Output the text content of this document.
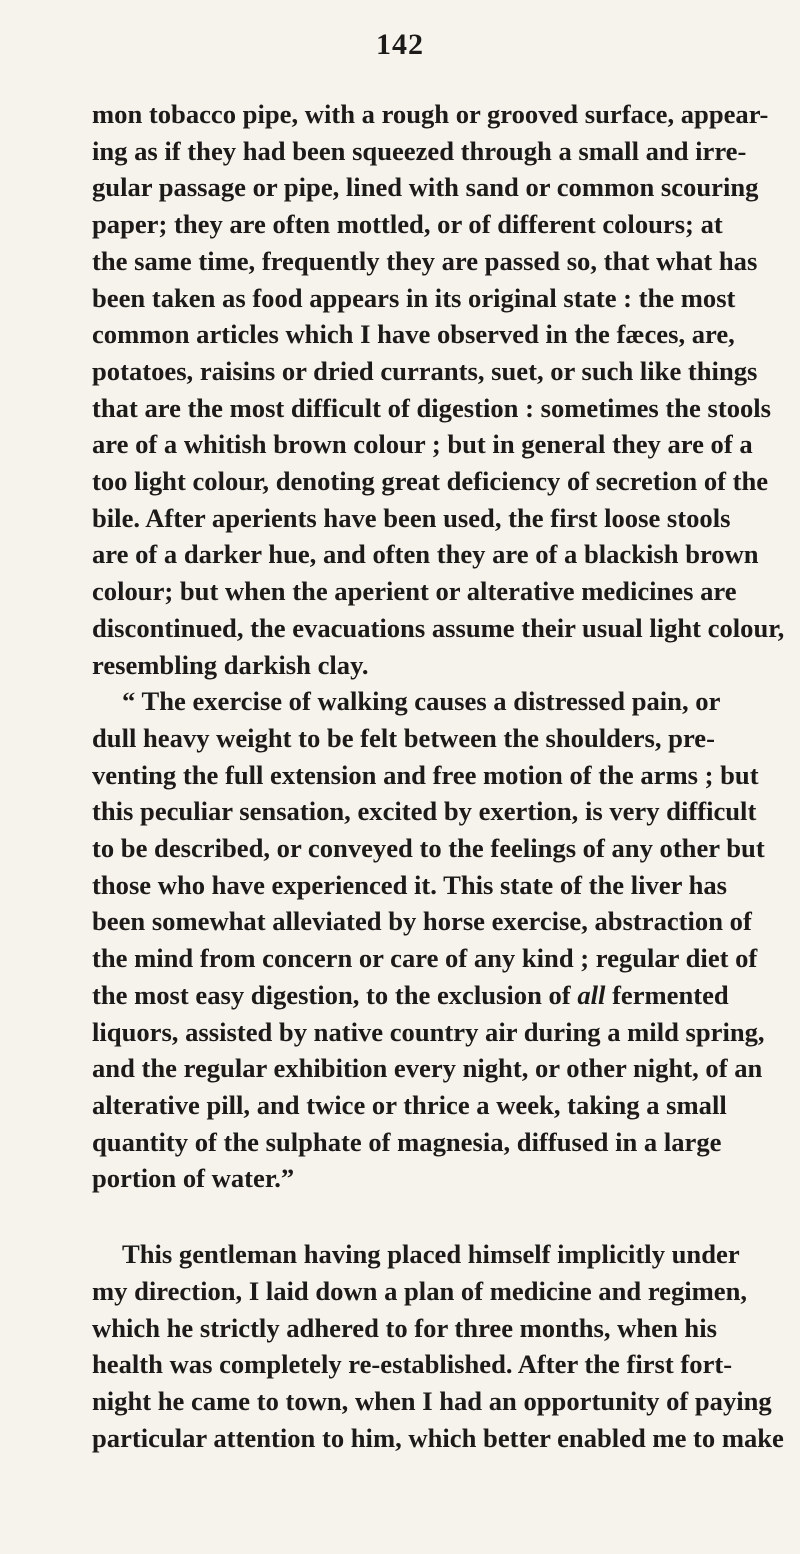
142
mon tobacco pipe, with a rough or grooved surface, appear-
ing as if they had been squeezed through a small and irre-
gular passage or pipe, lined with sand or common scouring
paper; they are often mottled, or of different colours; at
the same time, frequently they are passed so, that what has
been taken as food appears in its original state : the most
common articles which I have observed in the fæces, are,
potatoes, raisins or dried currants, suet, or such like things
that are the most difficult of digestion : sometimes the stools
are of a whitish brown colour ; but in general they are of a
too light colour, denoting great deficiency of secretion of the
bile. After aperients have been used, the first loose stools
are of a darker hue, and often they are of a blackish brown
colour; but when the aperient or alterative medicines are
discontinued, the evacuations assume their usual light colour,
resembling darkish clay.
“ The exercise of walking causes a distressed pain, or
dull heavy weight to be felt between the shoulders, pre-
venting the full extension and free motion of the arms ; but
this peculiar sensation, excited by exertion, is very difficult
to be described, or conveyed to the feelings of any other but
those who have experienced it. This state of the liver has
been somewhat alleviated by horse exercise, abstraction of
the mind from concern or care of any kind ; regular diet of
the most easy digestion, to the exclusion of all fermented
liquors, assisted by native country air during a mild spring,
and the regular exhibition every night, or other night, of an
alterative pill, and twice or thrice a week, taking a small
quantity of the sulphate of magnesia, diffused in a large
portion of water.”
This gentleman having placed himself implicitly under
my direction, I laid down a plan of medicine and regimen,
which he strictly adhered to for three months, when his
health was completely re-established. After the first fort-
night he came to town, when I had an opportunity of paying
particular attention to him, which better enabled me to make
